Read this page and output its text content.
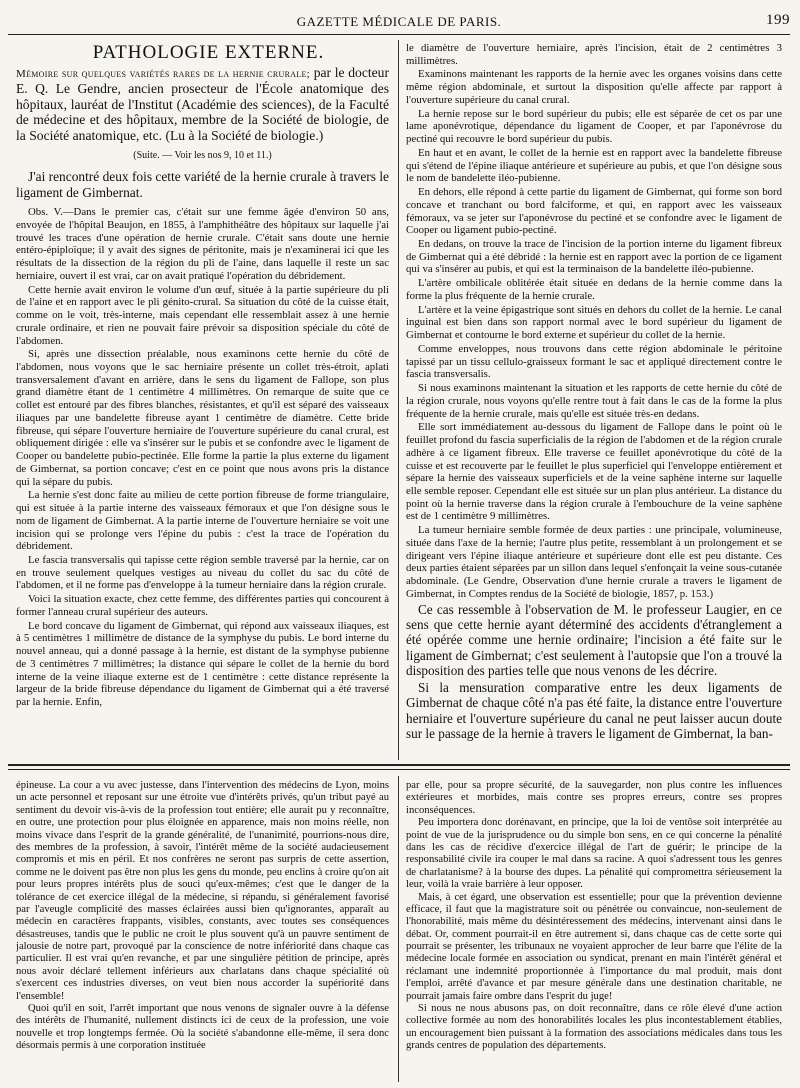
GAZETTE MÉDICALE DE PARIS.	199

PATHOLOGIE EXTERNE.

Mémoire sur quelques variétés rares de la hernie crurale; par le docteur E. Q. Le Gendre, ancien prosecteur de l'École anatomique des hôpitaux, lauréat de l'Institut (Académie des sciences), de la Faculté de médecine et des hôpitaux, membre de la Société de biologie, de la Société anatomique, etc. (Lu à la Société de biologie.)

(Suite. — Voir les nos 9, 10 et 11.)

J'ai rencontré deux fois cette variété de la hernie crurale à travers le ligament de Gimbernat.

Obs. V.—Dans le premier cas, c'était sur une femme âgée d'environ 50 ans, envoyée de l'hôpital Beaujon, en 1855, à l'amphithéâtre des hôpitaux sur laquelle j'ai trouvé les traces d'une opération de hernie crurale. C'était sans doute une hernie entéro-épiploïque; il y avait des signes de péritonite, mais je n'examinerai ici que les résultats de la dissection de la région du pli de l'aine, dans laquelle il reste un sac herniaire, ouvert il est vrai, car on avait pratiqué l'opération du débridement.

Cette hernie avait environ le volume d'un œuf, située à la partie supérieure du pli de l'aine et en rapport avec le pli génito-crural. Sa situation du côté de la cuisse était, comme on le voit, très-interne, mais cependant elle ressemblait assez à une hernie crurale ordinaire, et rien ne pouvait faire prévoir sa disposition spéciale du côté de l'abdomen.

Si, après une dissection préalable, nous examinons cette hernie du côté de l'abdomen, nous voyons que le sac herniaire présente un collet très-étroit, aplati transversalement d'avant en arrière, dans le sens du ligament de Fallope, son plus grand diamètre étant de 1 centimètre 4 millimètres. On remarque de suite que ce collet est entouré par des fibres blanches, résistantes, et qu'il est séparé des vaisseaux iliaques par une bandelette fibreuse ayant 1 centimètre de diamètre. Cette bride fibreuse, qui sépare l'ouverture herniaire de l'ouverture supérieure du canal crural, est obliquement dirigée : elle va s'insérer sur le pubis et se confondre avec le ligament de Cooper ou bandelette pubio-pectinée. Elle forme la partie la plus externe du ligament de Gimbernat, sa portion concave; c'est en ce point que nous avons pris la distance qui la sépare du pubis.

La hernie s'est donc faite au milieu de cette portion fibreuse de forme triangulaire, qui est située à la partie interne des vaisseaux fémoraux et que l'on désigne sous le nom de ligament de Gimbernat. A la partie interne de l'ouverture herniaire se voit une incision qui se prolonge vers l'épine du pubis : c'est la trace de l'opération du débridement.

Le fascia transversalis qui tapisse cette région semble traversé par la hernie, car on en trouve seulement quelques vestiges au niveau du collet du sac du côté de l'abdomen, et il ne forme pas d'enveloppe à la tumeur herniaire dans la région crurale.

Voici la situation exacte, chez cette femme, des différentes parties qui concourent à former l'anneau crural supérieur des auteurs.

Le bord concave du ligament de Gimbernat, qui répond aux vaisseaux iliaques, est à 5 centimètres 1 millimètre de distance de la symphyse du pubis. Le bord interne du nouvel anneau, qui a donné passage à la hernie, est distant de la symphyse pubienne de 3 centimètres 7 millimètres; la distance qui sépare le collet de la hernie du bord interne de la veine iliaque externe est de 1 centimètre : cette distance représente la largeur de la bride fibreuse dépendance du ligament de Gimbernat qui a été traversé par la hernie. Enfin,

le diamètre de l'ouverture herniaire, après l'incision, était de 2 centimètres 3 millimètres.

Examinons maintenant les rapports de la hernie avec les organes voisins dans cette même région abdominale, et surtout la disposition qu'elle affecte par rapport à l'ouverture supérieure du canal crural.

La hernie repose sur le bord supérieur du pubis; elle est séparée de cet os par une lame aponévrotique, dépendance du ligament de Cooper, et par l'aponévrose du pectiné qui recouvre le bord supérieur du pubis.

En haut et en avant, le collet de la hernie est en rapport avec la bandelette fibreuse qui s'étend de l'épine iliaque antérieure et supérieure au pubis, et que l'on désigne sous le nom de bandelette iléo-pubienne.

En dehors, elle répond à cette partie du ligament de Gimbernat, qui forme son bord concave et tranchant ou bord falciforme, et qui, en rapport avec les vaisseaux fémoraux, va se jeter sur l'aponévrose du pectiné et se confondre avec le ligament de Cooper ou ligament pubio-pectiné.

En dedans, on trouve la trace de l'incision de la portion interne du ligament fibreux de Gimbernat qui a été débridé : la hernie est en rapport avec la portion de ce ligament qui va s'insérer au pubis, et qui est la terminaison de la bandelette iléo-pubienne.

L'artère ombilicale oblitérée était située en dedans de la hernie comme dans la forme la plus fréquente de la hernie crurale.

L'artère et la veine épigastrique sont situés en dehors du collet de la hernie. Le canal inguinal est bien dans son rapport normal avec le bord supérieur du ligament de Gimbernat et contourne le bord externe et supérieur du collet de la hernie.

Comme enveloppes, nous trouvons dans cette région abdominale le péritoine tapissé par un tissu cellulo-graisseux formant le sac et appliqué directement contre le fascia transversalis.

Si nous examinons maintenant la situation et les rapports de cette hernie du côté de la région crurale, nous voyons qu'elle rentre tout à fait dans le cas de la forme la plus fréquente de la hernie crurale, mais qu'elle est située très-en dedans.

Elle sort immédiatement au-dessous du ligament de Fallope dans le point où le feuillet profond du fascia superficialis de la région de l'abdomen et de la région crurale adhère à ce ligament fibreux. Elle traverse ce feuillet aponévrotique du côté de la cuisse et est recouverte par le feuillet le plus superficiel qui l'enveloppe entièrement et sépare la hernie des vaisseaux superficiels et de la veine saphène interne sur laquelle elle semble reposer. Cependant elle est située sur un plan plus antérieur. La distance du point où la hernie traverse dans la région crurale à l'embouchure de la veine saphène est de 1 centimètre 9 millimètres.

La tumeur herniaire semble formée de deux parties : une principale, volumineuse, située dans l'axe de la hernie; l'autre plus petite, ressemblant à un prolongement et se dirigeant vers l'épine iliaque antérieure et supérieure dont elle est peu distante. Ces deux parties étaient séparées par un sillon dans lequel s'enfonçait la veine sous-cutanée abdominale. (Le Gendre, Observation d'une hernie crurale a travers le ligament de Gimbernat, in Comptes rendus de la Société de biologie, 1857, p. 153.)

Ce cas ressemble à l'observation de M. le professeur Laugier, en ce sens que cette hernie ayant déterminé des accidents d'étranglement a été opérée comme une hernie ordinaire; l'incision a été faite sur le ligament de Gimbernat; c'est seulement à l'autopsie que l'on a trouvé la disposition des parties telle que nous venons de les décrire.

Si la mensuration comparative entre les deux ligaments de Gimbernat de chaque côté n'a pas été faite, la distance entre l'ouverture herniaire et l'ouverture supérieure du canal ne peut laisser aucun doute sur le passage de la hernie à travers le ligament de Gimbernat, la ban-

épineuse. La cour a vu avec justesse, dans l'intervention des médecins de Lyon, moins un acte personnel et reposant sur une étroite vue d'intérêts privés, qu'un tribut payé au sentiment du devoir vis-à-vis de la profession tout entière; elle aurait pu y reconnaître, en outre, une protection pour plus éloignée en apparence, mais non moins réelle, non moins vivace dans l'esprit de la grande généralité, de l'unanimité, pourrions-nous dire, des membres de la profession, à savoir, l'intérêt même de la société audacieusement compromis et mis en péril. Et nos confrères ne seront pas surpris de cette assertion, comme ne le doivent pas être non plus les gens du monde, peu enclins à croire qu'on ait pour leurs propres intérêts plus de souci qu'eux-mêmes; c'est que le danger de la tolérance de cet exercice illégal de la médecine, si répandu, si généralement favorisé par l'aveugle complicité des masses éclairées aussi bien qu'ignorantes, apparaît au médecin en caractères frappants, visibles, constants, avec toutes ses conséquences désastreuses, tandis que le public ne croit le plus souvent qu'à un pauvre sentiment de jalousie de notre part, provoqué par la conscience de notre infériorité dans chaque cas particulier. Il est vrai qu'en revanche, et par une singulière pétition de principe, après nous avoir déclaré tellement inférieurs aux charlatans dans chaque spécialité où s'exercent ces industries diverses, on veut bien nous accorder la supériorité dans l'ensemble!

Quoi qu'il en soit, l'arrêt important que nous venons de signaler ouvre à la défense des intérêts de l'humanité, nullement distincts ici de ceux de la profession, une voie nouvelle et trop longtemps fermée. Où la société s'abandonne elle-même, il sera donc désormais permis à une corporation instituée

par elle, pour sa propre sécurité, de la sauvegarder, non plus contre les influences extérieures et morbides, mais contre ses propres erreurs, contre ses propres inconséquences.

Peu importera donc dorénavant, en principe, que la loi de ventôse soit interprétée au point de vue de la jurisprudence ou du simple bon sens, en ce qui concerne la pénalité dans les cas de récidive d'exercice illégal de l'art de guérir; le principe de la responsabilité civile ira couper le mal dans sa racine. A quoi s'adressent tous les genres de charlatanisme? à la bourse des dupes. La pénalité qui compromettra sérieusement la leur, voilà la vraie barrière à leur opposer.

Mais, à cet égard, une observation est essentielle; pour que la prévention devienne efficace, il faut que la magistrature soit ou pénétrée ou convaincue, non-seulement de l'honorabilité, mais même du désintéressement des médecins, intervenant ainsi dans le débat. Or, comment pourrait-il en être autrement si, dans chaque cas de cette sorte qui pourrait se présenter, les tribunaux ne voyaient approcher de leur barre que l'élite de la médecine locale formée en association ou syndicat, prenant en main l'intérêt général et réclamant une indemnité proportionnée à l'importance du mal produit, mais dont l'emploi, arrêté d'avance et par mesure générale dans une destination charitable, ne pourrait jamais faire ombre dans l'esprit du juge!

Si nous ne nous abusons pas, on doit reconnaître, dans ce rôle élevé d'une action collective formée au nom des honorabilités locales les plus incontestablement établies, un encouragement bien puissant à la formation des associations médicales dans tous les grands centres de population des départements.
